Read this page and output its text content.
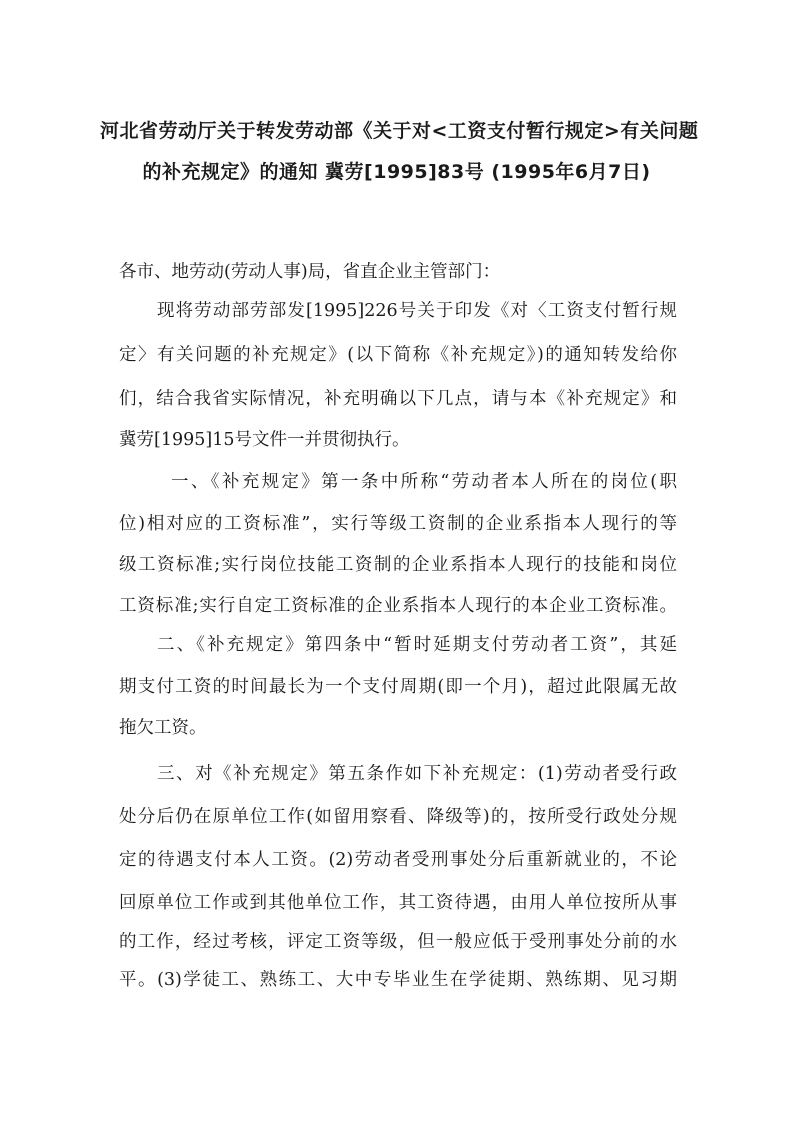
河北省劳动厅关于转发劳动部《关于对<工资支付暂行规定>有关问题
的补充规定》的通知 冀劳[1995]83号 (1995年6月7日)
各市、地劳动(劳动人事)局，省直企业主管部门：
现将劳动部劳部发[1995]226号关于印发《对〈工资支付暂行规
定〉有关问题的补充规定》(以下简称《补充规定》)的通知转发给你
们，结合我省实际情况，补充明确以下几点，请与本《补充规定》和
冀劳[1995]15号文件一并贯彻执行。
一、《补充规定》第一条中所称“劳动者本人所在的岗位(职
位)相对应的工资标准”，实行等级工资制的企业系指本人现行的等
级工资标准;实行岗位技能工资制的企业系指本人现行的技能和岗位
工资标准;实行自定工资标准的企业系指本人现行的本企业工资标准。
二、《补充规定》第四条中“暂时延期支付劳动者工资”，其延
期支付工资的时间最长为一个支付周期(即一个月)，超过此限属无故
拖欠工资。
三、对《补充规定》第五条作如下补充规定：(1)劳动者受行政
处分后仍在原单位工作(如留用察看、降级等)的，按所受行政处分规
定的待遇支付本人工资。(2)劳动者受刑事处分后重新就业的，不论
回原单位工作或到其他单位工作，其工资待遇，由用人单位按所从事
的工作，经过考核，评定工资等级，但一般应低于受刑事处分前的水
平。(3)学徒工、熟练工、大中专毕业生在学徒期、熟练期、见习期
